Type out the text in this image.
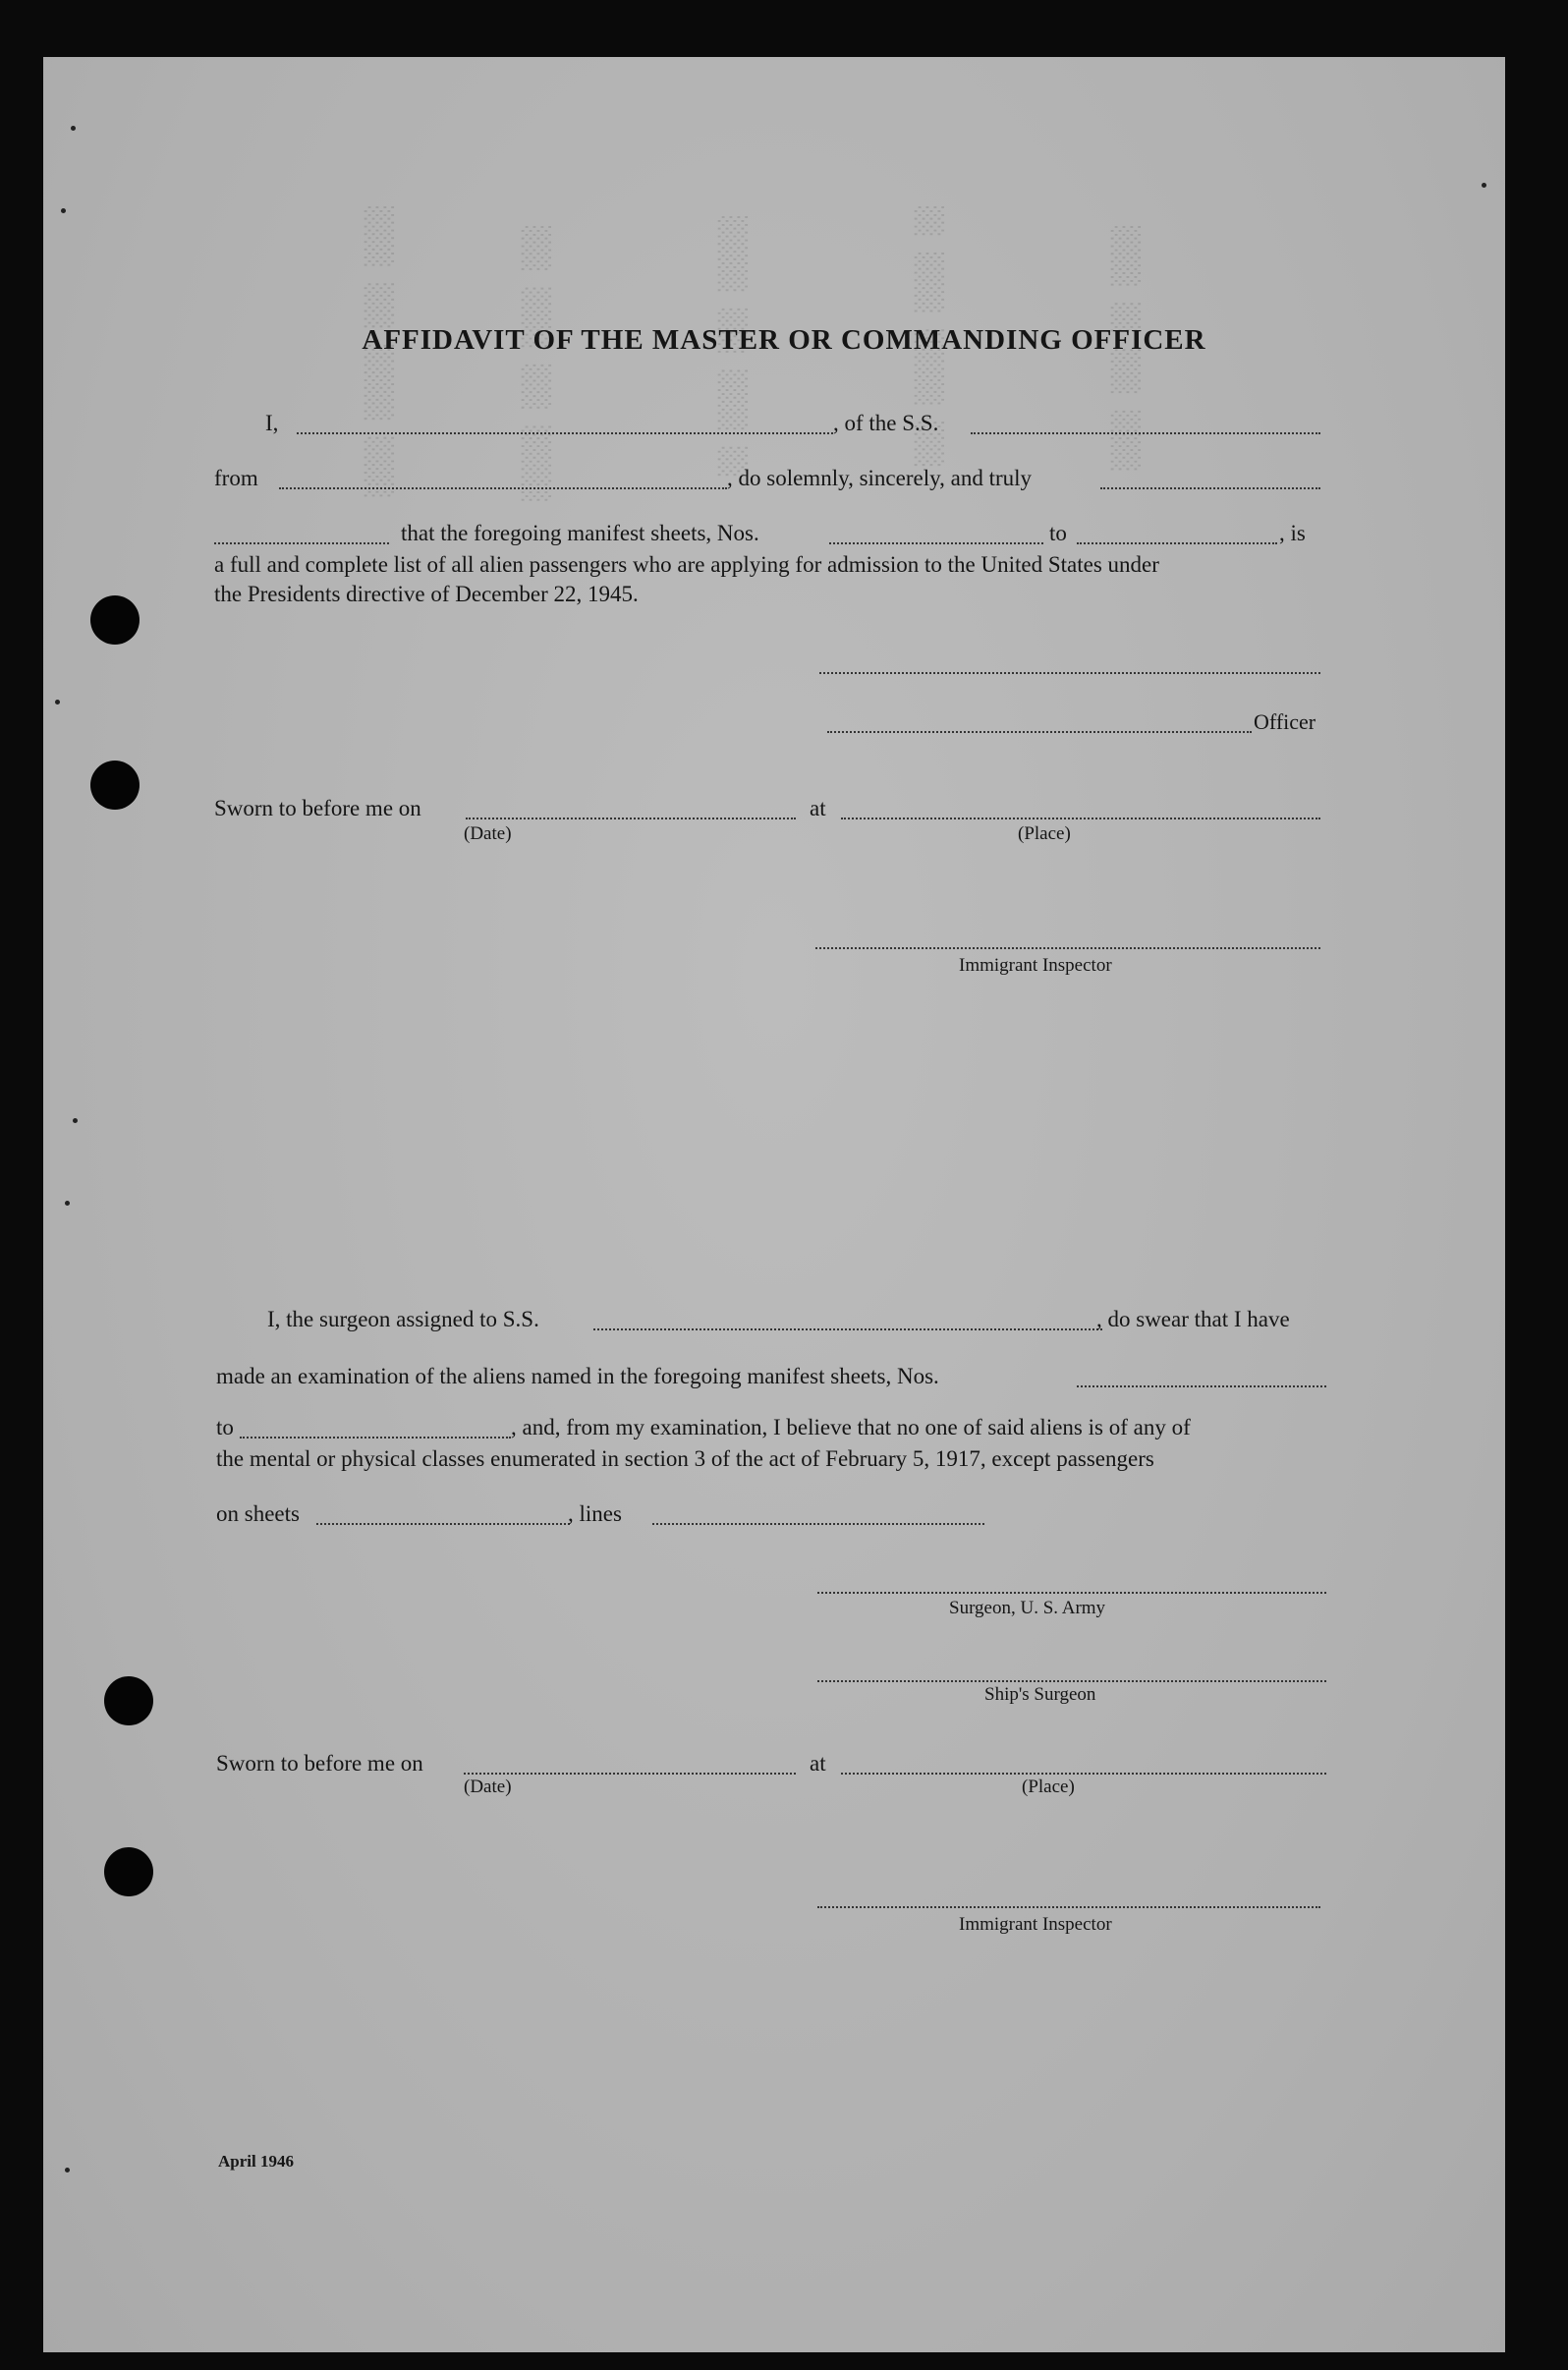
░░░░ ░░░ ░░░░░ ░░░░	░░░ ░░░░ ░░░ ░░░░░	░░░░░ ░░░ ░░░░ ░░	░░ ░░░░ ░░░░░ ░░░	░░░░ ░░ ░░░ ░░░░
AFFIDAVIT OF THE MASTER OR COMMANDING OFFICER
I,	, of the S.S.
from	, do solemnly, sincerely, and truly
that the foregoing manifest sheets, Nos.	to	, is
a full and complete list of all alien passengers who are applying for admission to the United States under
the Presidents directive of December 22, 1945.
Officer
Sworn to before me on	at
(Date)	(Place)
Immigrant Inspector
I, the surgeon assigned to S.S.	, do swear that I have
made an examination of the aliens named in the foregoing manifest sheets, Nos.
to	, and, from my examination, I believe that no one of said aliens is of any of
the mental or physical classes enumerated in section 3 of the act of February 5, 1917, except passengers
on sheets	, lines
Surgeon, U. S. Army
Ship's Surgeon
Sworn to before me on	at
(Date)	(Place)
Immigrant Inspector
April 1946
